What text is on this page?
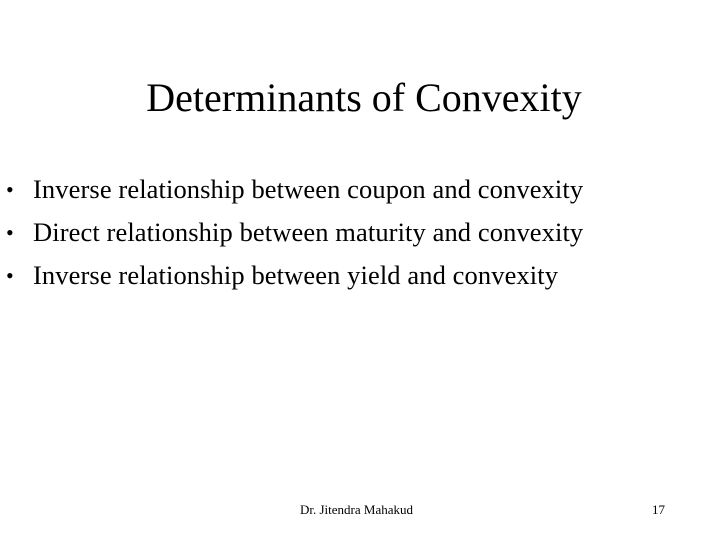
Determinants of Convexity
• Inverse relationship between coupon and convexity
• Direct relationship between maturity and convexity
• Inverse relationship between yield and convexity
Dr. Jitendra Mahakud	17
